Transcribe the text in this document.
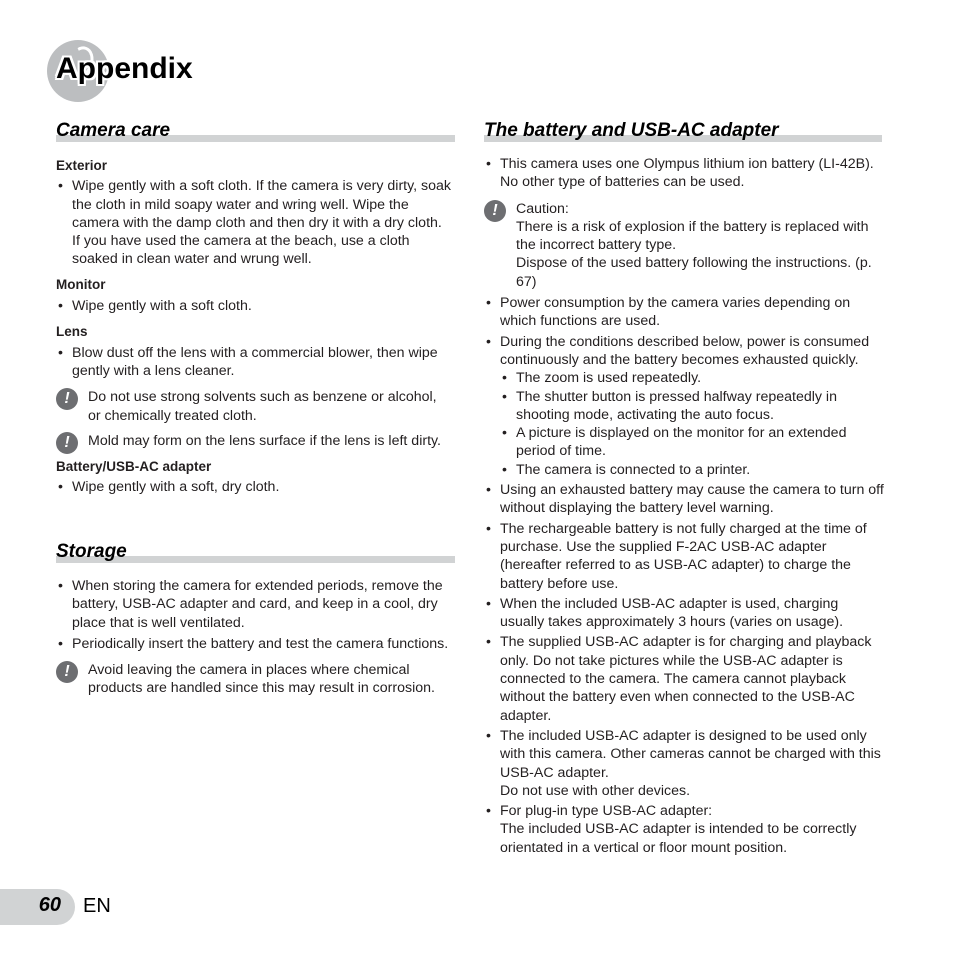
Appendix
Camera care

Exterior

• Wipe gently with a soft cloth. If the camera is very dirty, soak the cloth in mild soapy water and wring well. Wipe the camera with the damp cloth and then dry it with a dry cloth. If you have used the camera at the beach, use a cloth soaked in clean water and wrung well.

Monitor

• Wipe gently with a soft cloth.

Lens

• Blow dust off the lens with a commercial blower, then wipe gently with a lens cleaner.
!	Do not use strong solvents such as benzene or alcohol, or chemically treated cloth.
!	Mold may form on the lens surface if the lens is left dirty.

Battery/USB-AC adapter

• Wipe gently with a soft, dry cloth.
Storage
• When storing the camera for extended periods, remove the battery, USB-AC adapter and card, and keep in a cool, dry place that is well ventilated.
• Periodically insert the battery and test the camera functions.
!	Avoid leaving the camera in places where chemical products are handled since this may result in corrosion.
The battery and USB-AC adapter
• This camera uses one Olympus lithium ion battery (LI-42B). No other type of batteries can be used.
!	Caution:
There is a risk of explosion if the battery is replaced with the incorrect battery type.
Dispose of the used battery following the instructions. (p. 67)
• Power consumption by the camera varies depending on which functions are used.
• During the conditions described below, power is consumed continuously and the battery becomes exhausted quickly.
• The zoom is used repeatedly.
• The shutter button is pressed halfway repeatedly in shooting mode, activating the auto focus.
• A picture is displayed on the monitor for an extended period of time.
• The camera is connected to a printer.
• Using an exhausted battery may cause the camera to turn off without displaying the battery level warning.
• The rechargeable battery is not fully charged at the time of purchase. Use the supplied F-2AC USB-AC adapter (hereafter referred to as USB-AC adapter) to charge the battery before use.
• When the included USB-AC adapter is used, charging usually takes approximately 3 hours (varies on usage).
• The supplied USB-AC adapter is for charging and playback only. Do not take pictures while the USB-AC adapter is connected to the camera. The camera cannot playback without the battery even when connected to the USB-AC adapter.
• The included USB-AC adapter is designed to be used only with this camera. Other cameras cannot be charged with this USB-AC adapter.
Do not use with other devices.
• For plug-in type USB-AC adapter:
The included USB-AC adapter is intended to be correctly orientated in a vertical or floor mount position.
60 EN
